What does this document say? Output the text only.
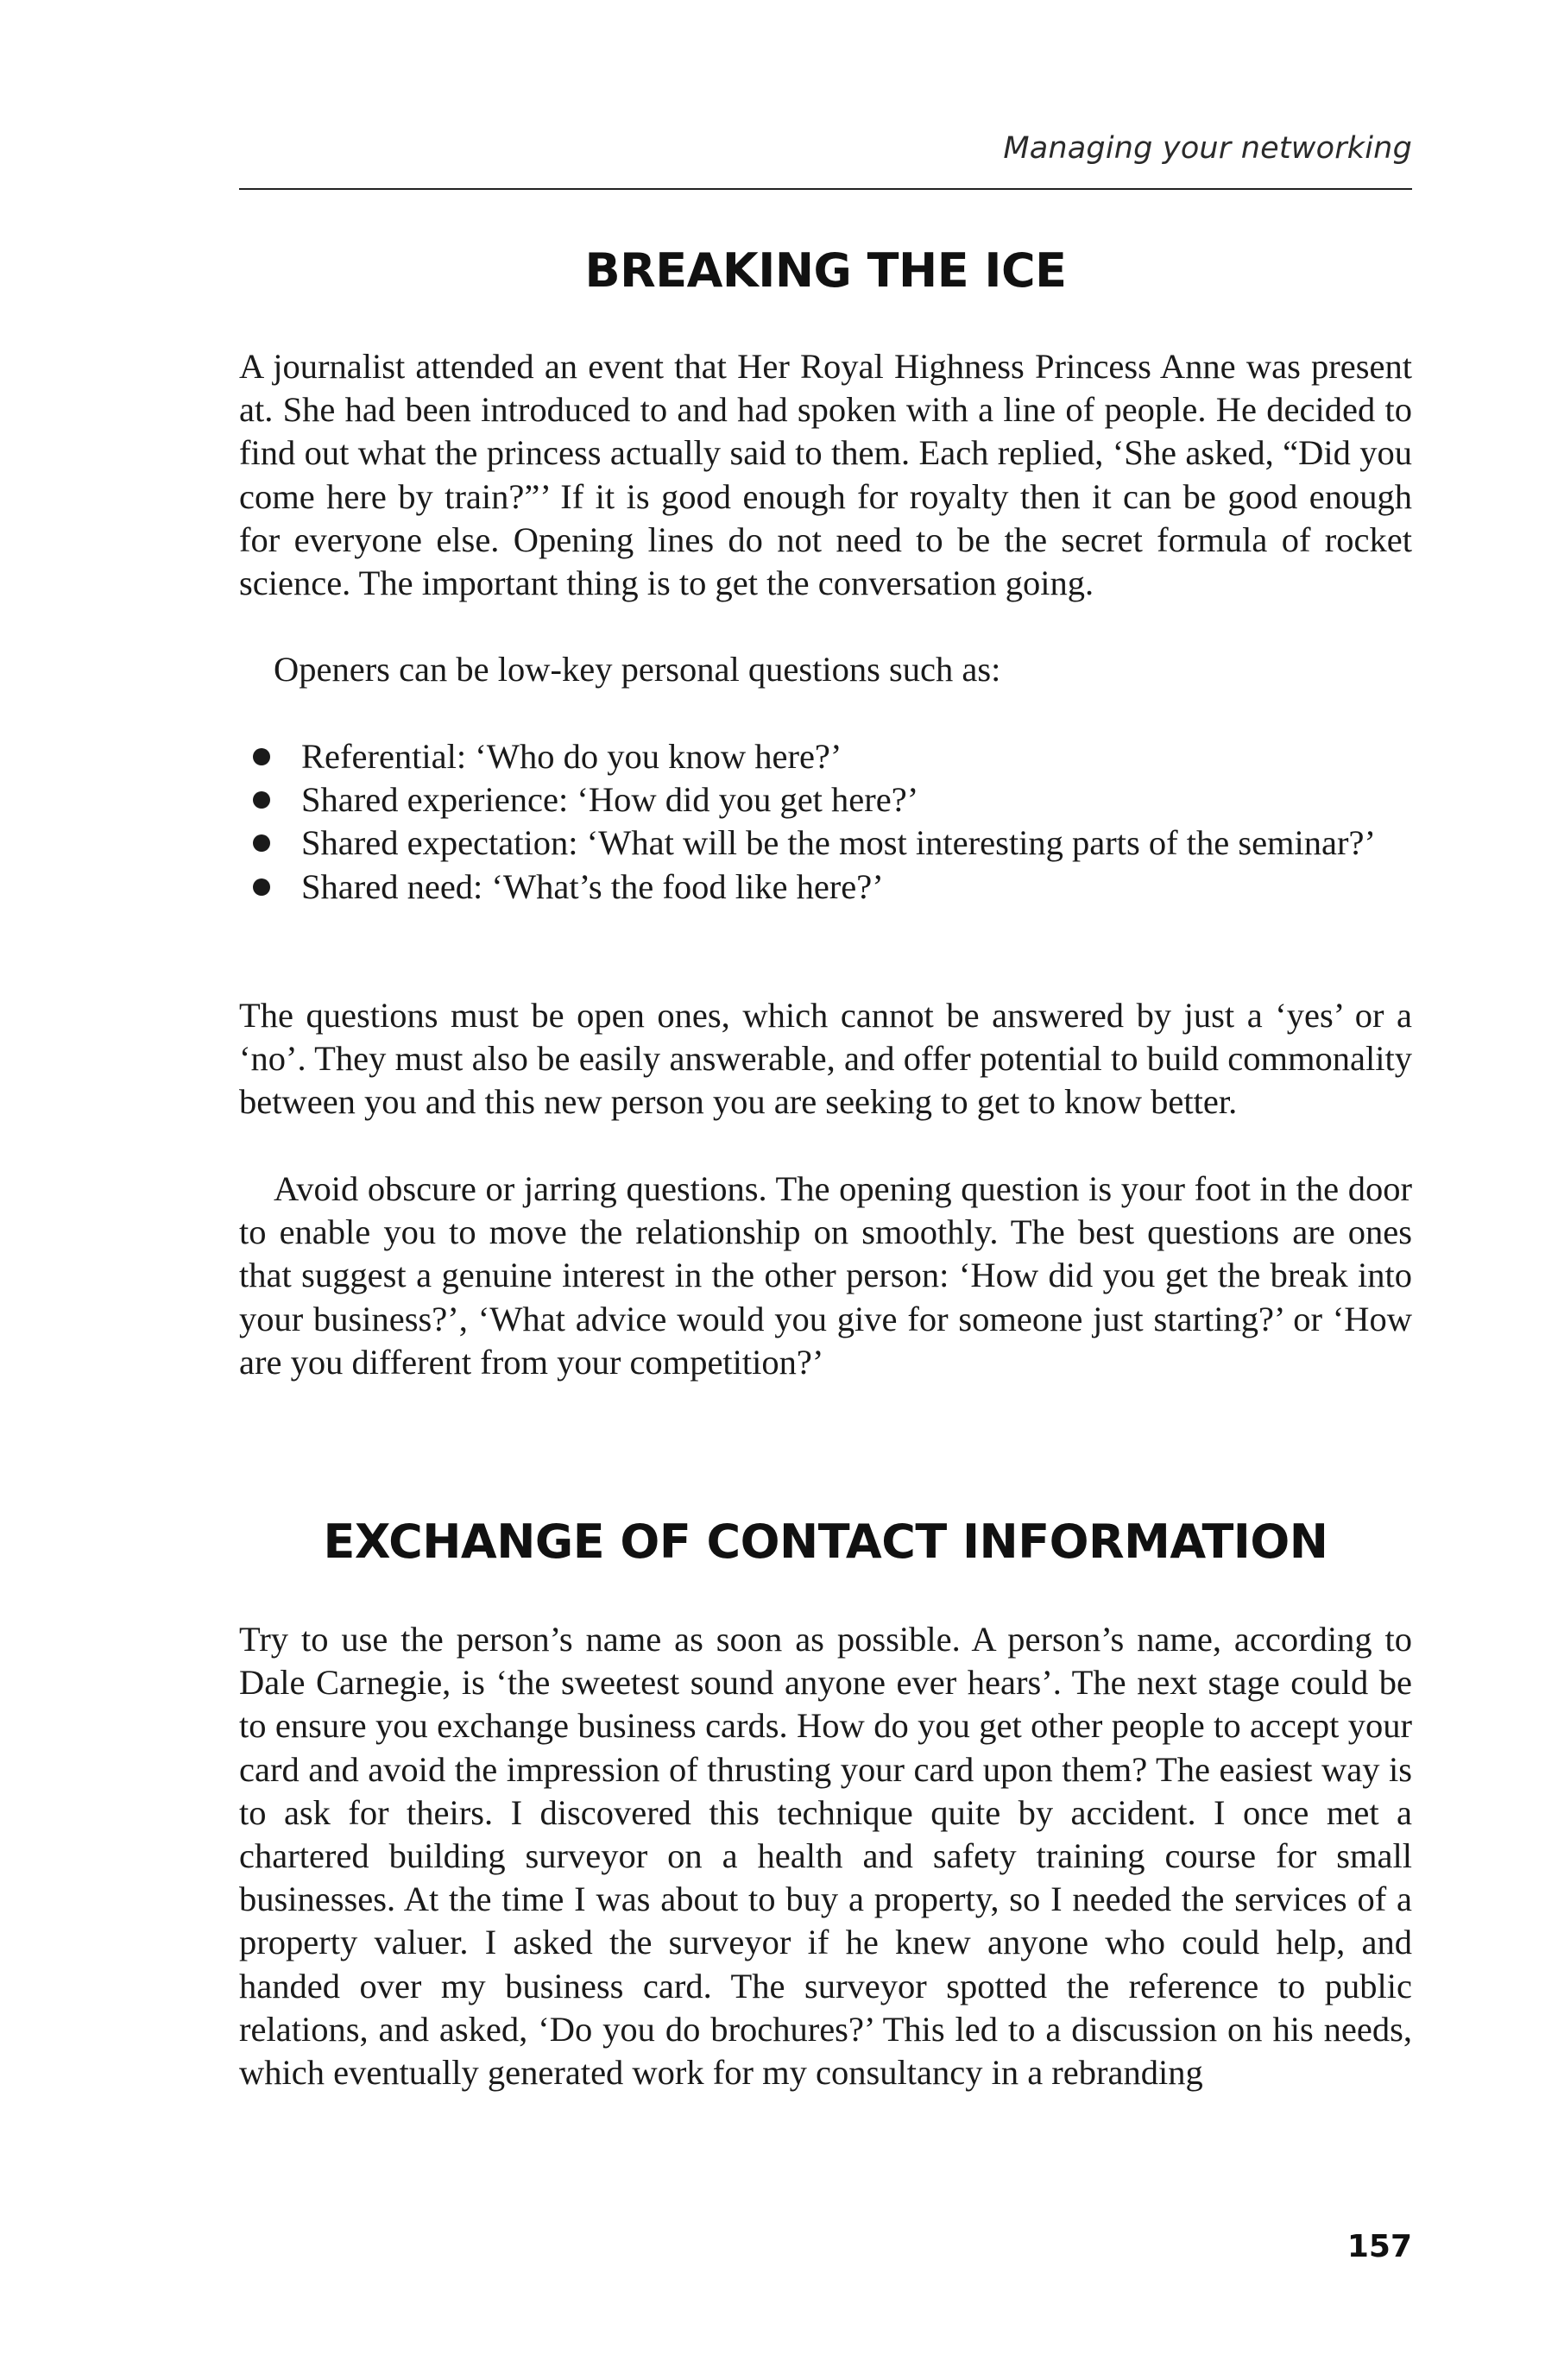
Managing your networking
BREAKING THE ICE

A journalist attended an event that Her Royal Highness Princess Anne was present at. She had been introduced to and had spoken with a line of people. He decided to find out what the princess actually said to them. Each replied, ‘She asked, “Did you come here by train?”’ If it is good enough for royalty then it can be good enough for everyone else. Opening lines do not need to be the secret formula of rocket science. The important thing is to get the conversation going.

Openers can be low-key personal questions such as:

Referential: ‘Who do you know here?’
Shared experience: ‘How did you get here?’
Shared expectation: ‘What will be the most interesting parts of the seminar?’
Shared need: ‘What’s the food like here?’

The questions must be open ones, which cannot be answered by just a ‘yes’ or a ‘no’. They must also be easily answerable, and offer potential to build commonality between you and this new person you are seeking to get to know better.

Avoid obscure or jarring questions. The opening question is your foot in the door to enable you to move the relationship on smoothly. The best questions are ones that suggest a genuine interest in the other person: ‘How did you get the break into your business?’, ‘What advice would you give for someone just starting?’ or ‘How are you different from your competition?’

EXCHANGE OF CONTACT INFORMATION

Try to use the person’s name as soon as possible. A person’s name, according to Dale Carnegie, is ‘the sweetest sound anyone ever hears’. The next stage could be to ensure you exchange business cards. How do you get other people to accept your card and avoid the impression of thrusting your card upon them? The easiest way is to ask for theirs. I discovered this technique quite by accident. I once met a chartered building surveyor on a health and safety training course for small businesses. At the time I was about to buy a property, so I needed the services of a property valuer. I asked the surveyor if he knew anyone who could help, and handed over my business card. The surveyor spotted the reference to public relations, and asked, ‘Do you do brochures?’ This led to a discussion on his needs, which eventually generated work for my consultancy in a rebranding

157
